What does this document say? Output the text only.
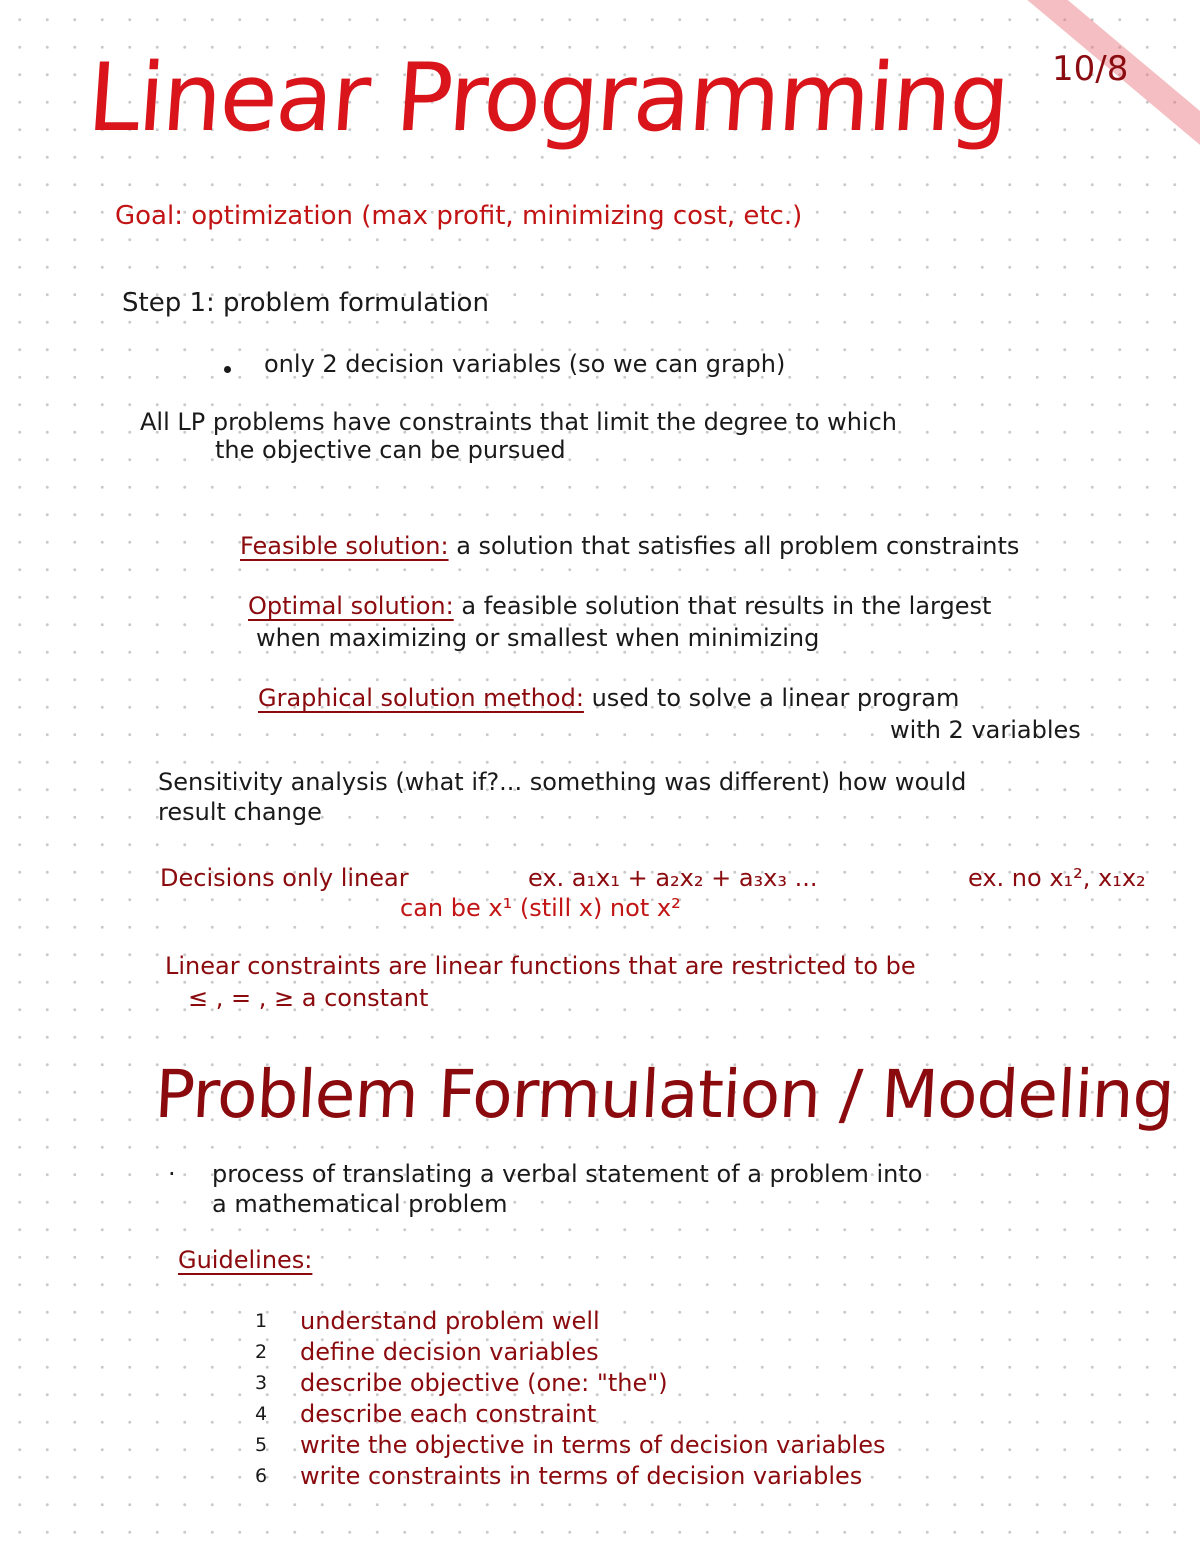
Linear Programming 10/8
Goal: optimization (max profit, minimizing cost, etc.)
Step 1: problem formulation
only 2 decision variables (so we can graph)
All LP problems have constraints that limit the degree to which
the objective can be pursued
Feasible solution: a solution that satisfies all problem constraints
Optimal solution: a feasible solution that results in the largest
when maximizing or smallest when minimizing
Graphical solution method: used to solve a linear program
with 2 variables
Sensitivity analysis (what if?... something was different) how would
result change
Decisions only linear	ex. a₁x₁ + a₂x₂ + a₃x₃ ...	ex. no x₁², x₁x₂
can be x¹ (still x) not x²
Linear constraints are linear functions that are restricted to be
≤ , = , ≥ a constant
Problem Formulation / Modeling
· process of translating a verbal statement of a problem into
a mathematical problem
Guidelines:
1	understand problem well
2	define decision variables
3	describe objective (one: "the")
4	describe each constraint
5	write the objective in terms of decision variables
6	write constraints in terms of decision variables
